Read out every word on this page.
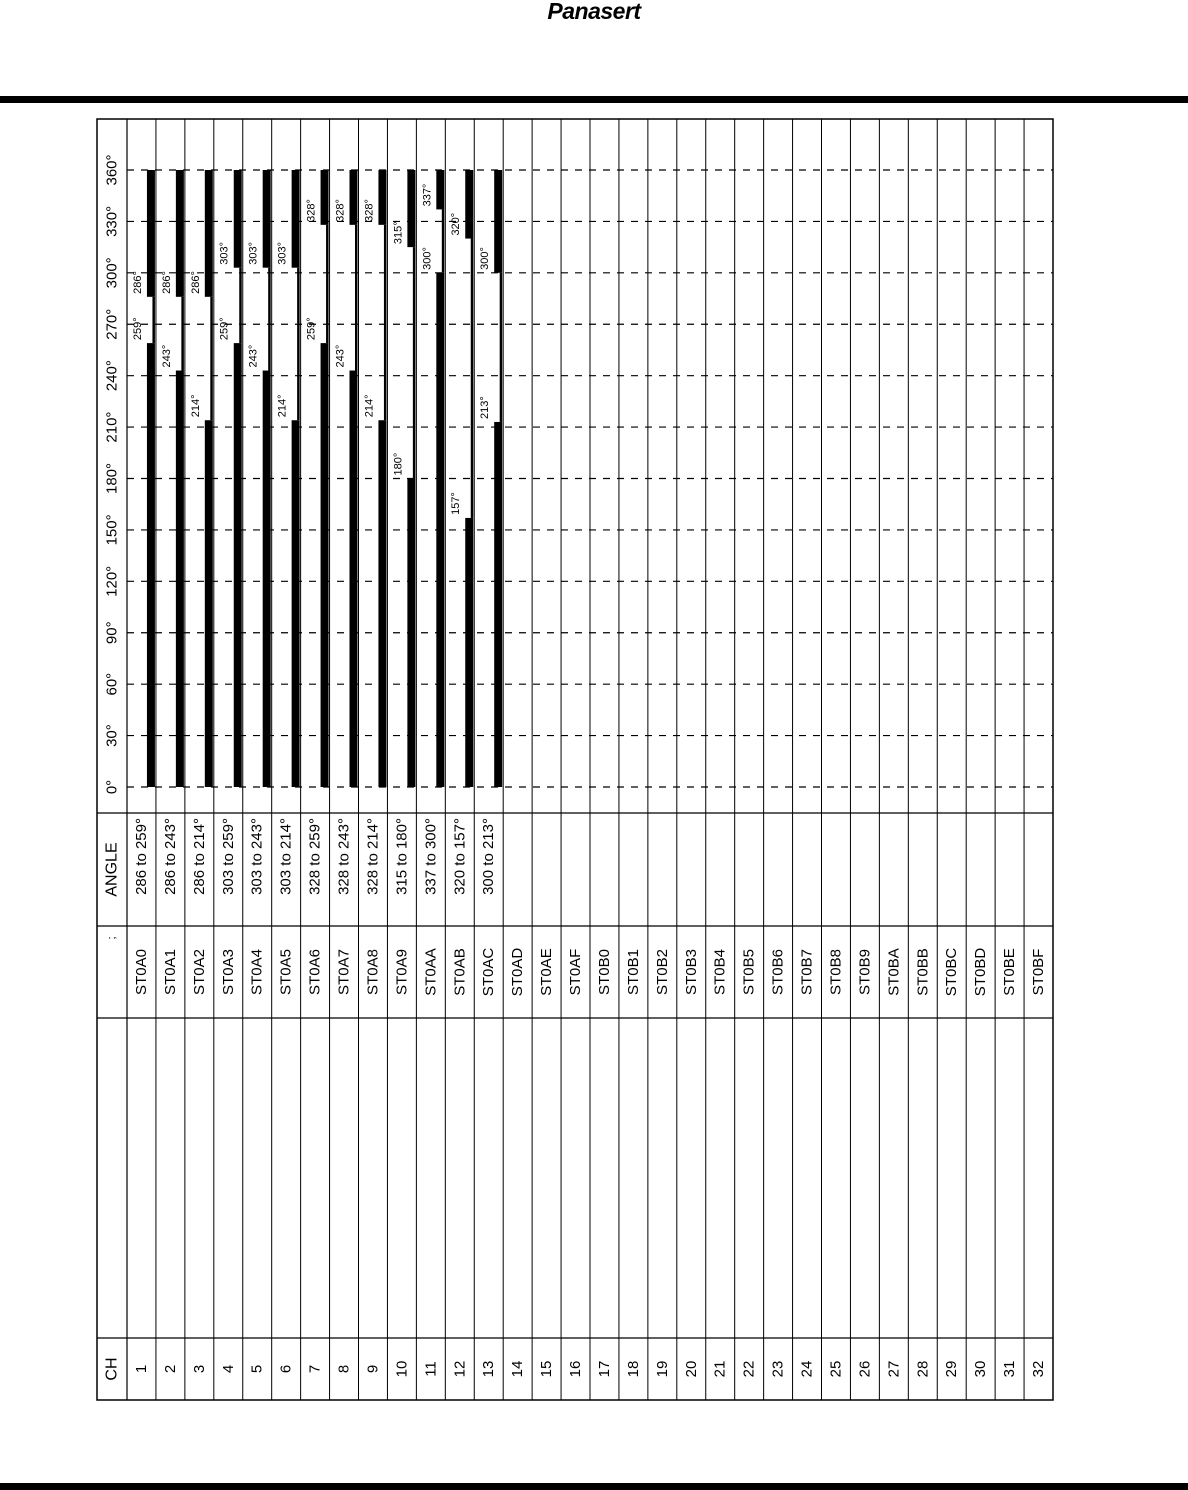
Panasert
0°
30°
60°
90°
120°
150°
180°
210°
240°
270°
300°
330°
360°
ANGLE
;
CH 1
ST0A0
286 to 259°
259°
286°
2
ST0A1
286 to 243°
243°
286°
3
ST0A2
286 to 214°
214°
286°
4
ST0A3
303 to 259°
259°
303°
5
ST0A4
303 to 243°
243°
303°
6
ST0A5
303 to 214°
214°
303°
7
ST0A6
328 to 259°
259°
328°
8
ST0A7
328 to 243°
243°
328°
9
ST0A8
328 to 214°
214°
328°
10
ST0A9
315 to 180°
180°
315°
11
ST0AA
337 to 300°
300°
337°
12
ST0AB
320 to 157°
157°
320°
13
ST0AC
300 to 213°
213°
300°
14
ST0AD
15
ST0AE
16
ST0AF
17
ST0B0
18
ST0B1
19
ST0B2
20
ST0B3
21
ST0B4
22
ST0B5
23
ST0B6
24
ST0B7
25
ST0B8
26
ST0B9
27
ST0BA
28
ST0BB
29
ST0BC
30
ST0BD
31
ST0BE
32
ST0BF
